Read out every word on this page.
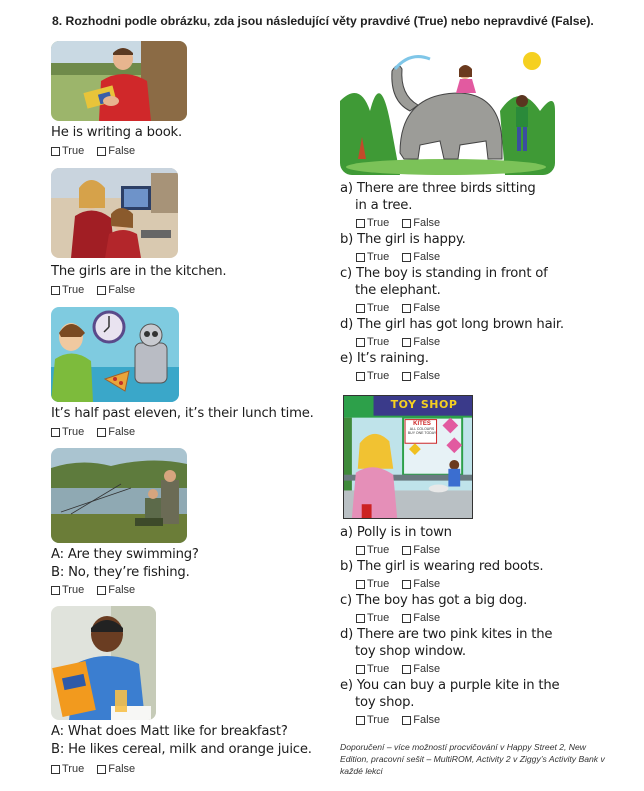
8. Rozhodni podle obrázku, zda jsou následující věty pravdivé (True) nebo nepravdivé (False).
He is writing a book.
True
False
The girls are in the kitchen.
True
False
It’s half past eleven, it’s their lunch time.
True
False
A: Are they swimming?
B: No, they’re fishing.
True
False
A: What does Matt like for breakfast?
B: He likes cereal, milk and orange juice.
True
False
a) There are three birds sitting
in a tree.
True
False
b) The girl is happy.
True
False
c) The boy is standing in front of
the elephant.
True
False
d) The girl has got long brown hair.
True
False
e) It’s raining.
True
False
TOY SHOP
KITES
ALL COLOURS
BUY ONE TODAY
a) Polly is in town
True
False
b) The girl is wearing red boots.
True
False
c) The boy has got a big dog.
True
False
d) There are two pink kites in the
toy shop window.
True
False
e) You can buy a purple kite in the
toy shop.
True
False
Doporučení – více možností procvičování v Happy Street 2, New Edition, pracovní sešit – MultiROM, Activity 2 v Ziggy’s Activity Bank v každé lekci
